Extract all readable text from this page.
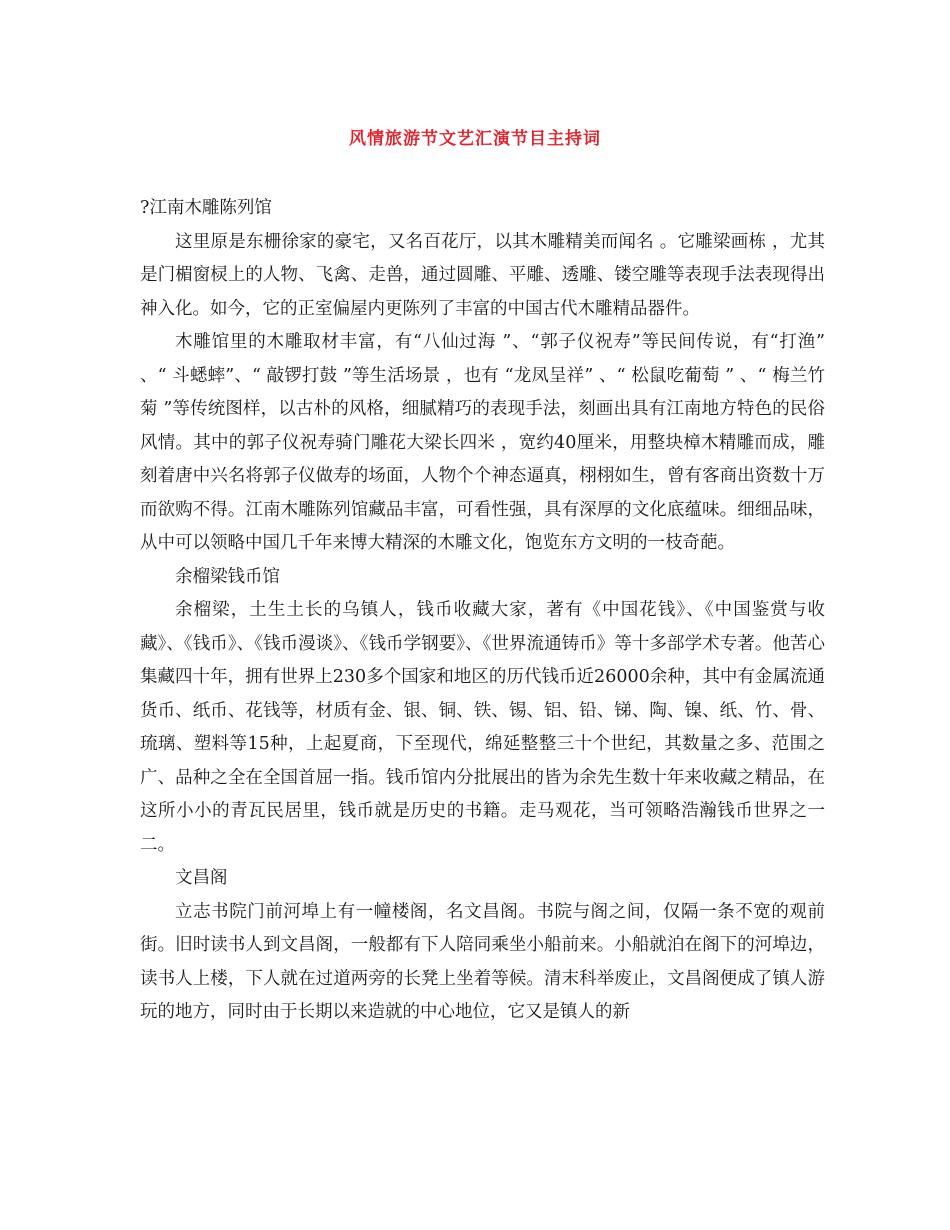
风情旅游节文艺汇演节目主持词
?江南木雕陈列馆

这里原是东栅徐家的豪宅，又名百花厅，以其木雕精美而闻名 。它雕梁画栋 ，尤其是门楣窗棂上的人物、飞禽、走兽，通过圆雕、平雕、透雕、镂空雕等表现手法表现得出神入化。如今，它的正室偏屋内更陈列了丰富的中国古代木雕精品器件。

木雕馆里的木雕取材丰富，有“八仙过海 ”、“郭子仪祝寿”等民间传说，有“打渔” 、“ 斗蟋蟀”、“ 敲锣打鼓 ”等生活场景 ，也有 “龙凤呈祥” 、“ 松鼠吃葡萄 ” 、“ 梅兰竹菊 ”等传统图样，以古朴的风格，细腻精巧的表现手法，刻画出具有江南地方特色的民俗风情。其中的郭子仪祝寿骑门雕花大梁长四米 ，宽约40厘米，用整块樟木精雕而成，雕刻着唐中兴名将郭子仪做寿的场面，人物个个神态逼真，栩栩如生，曾有客商出资数十万而欲购不得。江南木雕陈列馆藏品丰富，可看性强，具有深厚的文化底蕴味。细细品味，从中可以领略中国几千年来博大精深的木雕文化，饱览东方文明的一枝奇葩。

余榴梁钱币馆

余榴梁，土生土长的乌镇人，钱币收藏大家，著有《中国花钱》、《中国鉴赏与收藏》、《钱币》、《钱币漫谈》、《钱币学钢要》、《世界流通铸币》等十多部学术专著。他苦心集藏四十年，拥有世界上230多个国家和地区的历代钱币近26000余种，其中有金属流通货币、纸币、花钱等，材质有金、银、铜、铁、锡、铝、铅、锑、陶、镍、纸、竹、骨、琉璃、塑料等15种，上起夏商，下至现代，绵延整整三十个世纪，其数量之多、范围之广、品种之全在全国首屈一指。钱币馆内分批展出的皆为余先生数十年来收藏之精品，在这所小小的青瓦民居里，钱币就是历史的书籍。走马观花，当可领略浩瀚钱币世界之一二。

文昌阁

立志书院门前河埠上有一幢楼阁，名文昌阁。书院与阁之间，仅隔一条不宽的观前街。旧时读书人到文昌阁，一般都有下人陪同乘坐小船前来。小船就泊在阁下的河埠边，读书人上楼，下人就在过道两旁的长凳上坐着等候。清末科举废止，文昌阁便成了镇人游玩的地方，同时由于长期以来造就的中心地位，它又是镇人的新
